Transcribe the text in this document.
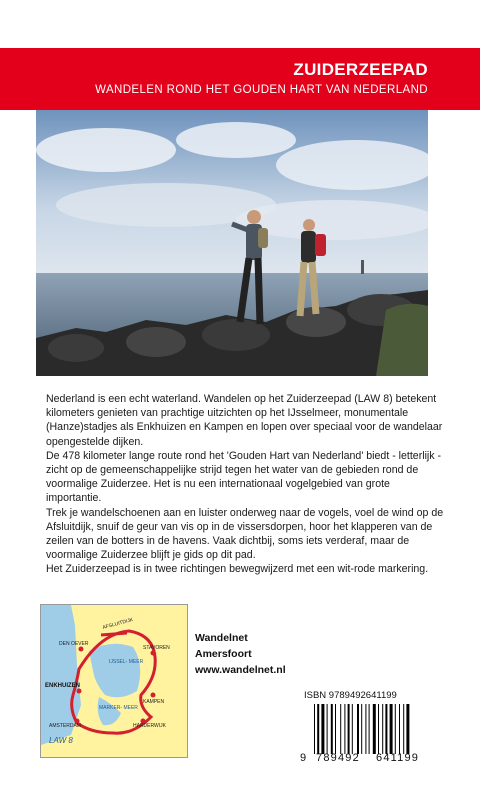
ZUIDERZEEPAD
WANDELEN ROND HET GOUDEN HART VAN NEDERLAND

Nederland is een echt waterland. Wandelen op het Zuiderzeepad (LAW 8) betekent kilometers genieten van prachtige uitzichten op het IJsselmeer, monumentale (Hanze)stadjes als Enkhuizen en Kampen en lopen over speciaal voor de wandelaar opengestelde dijken.

De 478 kilometer lange route rond het 'Gouden Hart van Nederland' biedt - letterlijk - zicht op de gemeenschappelijke strijd tegen het water van de gebieden rond de voormalige Zuiderzee. Het is nu een internationaal vogelgebied van grote importantie.

Trek je wandelschoenen aan en luister onderweg naar de vogels, voel de wind op de Afsluitdijk, snuif de geur van vis op in de vissersdorpen, hoor het klapperen van de zeilen van de botters in de havens. Vaak dichtbij, soms iets verderaf, maar de voormalige Zuiderzee blijft je gids op dit pad.

Het Zuiderzeepad is in twee richtingen bewegwijzerd met een wit-rode markering.

AFSLUITDIJK
DEN OEVER
STAVOREN
IJSSEL- MEER
ENKHUIZEN
MARKER- MEER
KAMPEN
AMSTERDAM	HARDERWIJK
LAW 8
Wandelnet
Amersfoort
www.wandelnet.nl
ISBN 9789492641199
9 789492 641199
